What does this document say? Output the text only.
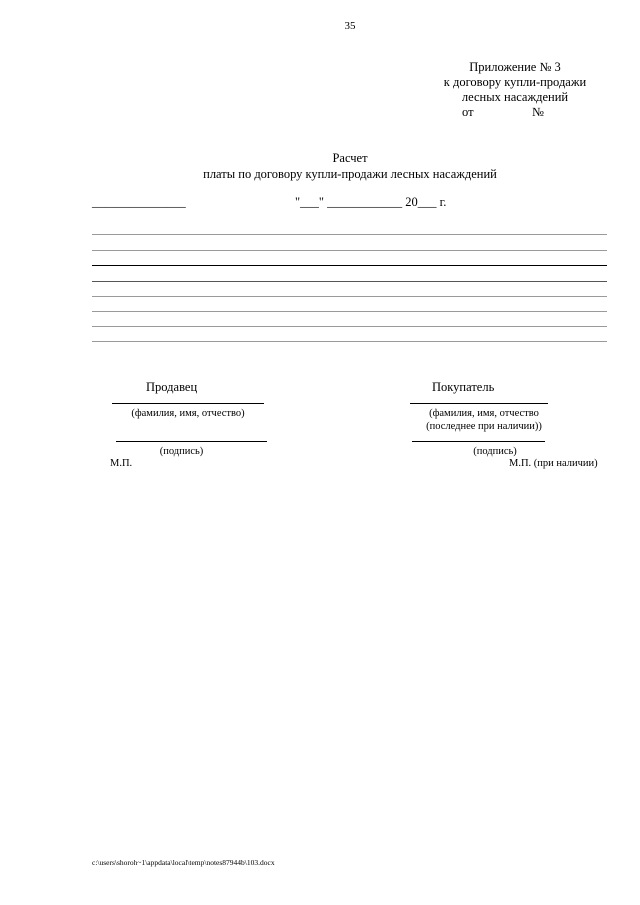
35
Приложение № 3
к договору купли-продажи
лесных насаждений
от	№
Расчет
платы по договору купли-продажи лесных насаждений
_______________	"___" ____________ 20___ г.
Продавец
(фамилия, имя, отчество)
(подпись)
М.П.
Покупатель
(фамилия, имя, отчество
(последнее при наличии))
(подпись)
М.П. (при наличии)
c:\users\shoroh~1\appdata\local\temp\notes87944b\103.docx
